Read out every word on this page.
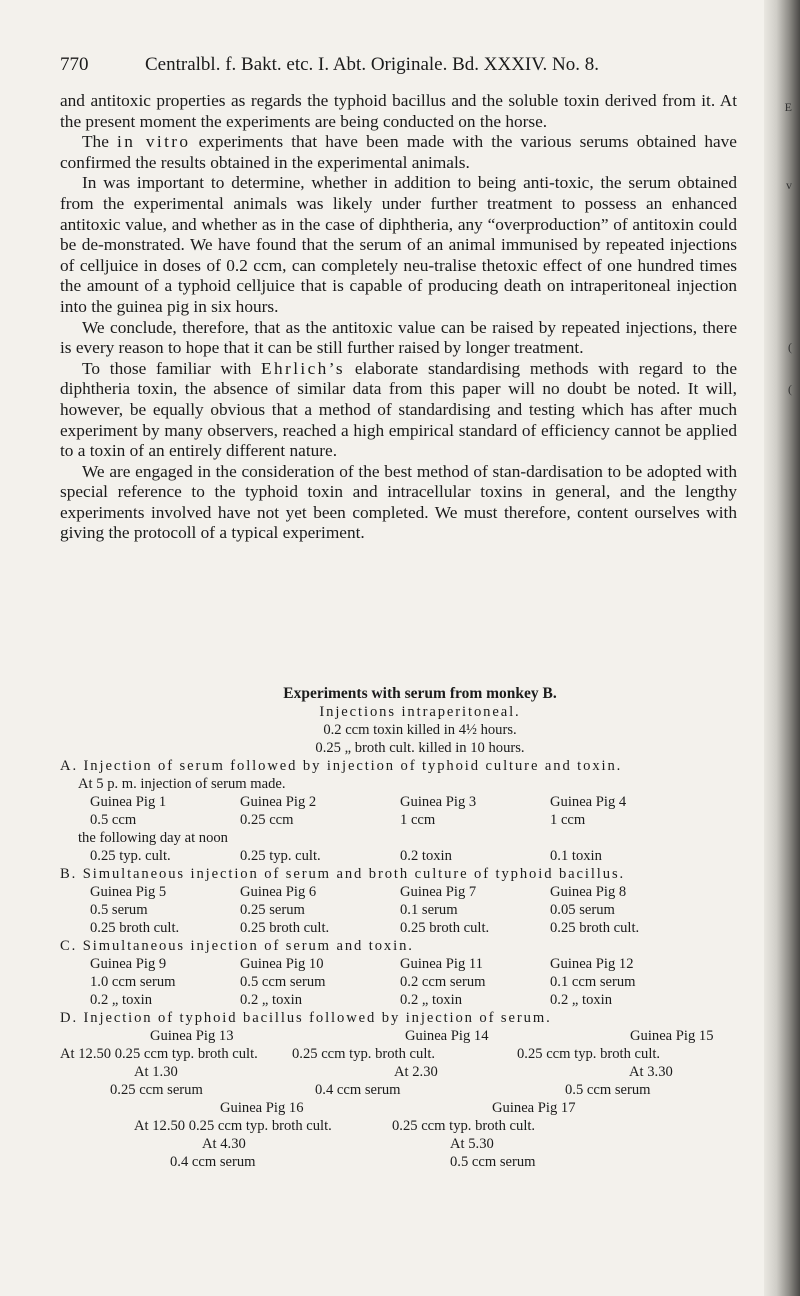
E
v
(
(
770	Centralbl. f. Bakt. etc. I. Abt. Originale. Bd. XXXIV. No. 8.

and antitoxic properties as regards the typhoid bacillus and the soluble toxin derived from it. At the present moment the experiments are being conducted on the horse.

The in vitro experiments that have been made with the various serums obtained have confirmed the results obtained in the experimental animals.

In was important to determine, whether in addition to being anti-toxic, the serum obtained from the experimental animals was likely under further treatment to possess an enhanced antitoxic value, and whether as in the case of diphtheria, any “overproduction” of antitoxin could be de-monstrated. We have found that the serum of an animal immunised by repeated injections of celljuice in doses of 0.2 ccm, can completely neu-tralise thetoxic effect of one hundred times the amount of a typhoid celljuice that is capable of producing death on intraperitoneal injection into the guinea pig in six hours.

We conclude, therefore, that as the antitoxic value can be raised by repeated injections, there is every reason to hope that it can be still further raised by longer treatment.

To those familiar with Ehrlich’s elaborate standardising methods with regard to the diphtheria toxin, the absence of similar data from this paper will no doubt be noted. It will, however, be equally obvious that a method of standardising and testing which has after much experiment by many observers, reached a high empirical standard of efficiency cannot be applied to a toxin of an entirely different nature.

We are engaged in the consideration of the best method of stan-dardisation to be adopted with special reference to the typhoid toxin and intracellular toxins in general, and the lengthy experiments involved have not yet been completed. We must therefore, content ourselves with giving the protocoll of a typical experiment.

Experiments with serum from monkey B.
Injections intraperitoneal.
0.2 ccm toxin killed in 4½ hours.
0.25 „ broth cult. killed in 10 hours.
A. Injection of serum followed by injection of typhoid culture and toxin.
At 5 p. m. injection of serum made.
Guinea Pig 1	Guinea Pig 2	Guinea Pig 3	Guinea Pig 4
0.5 ccm	0.25 ccm	1 ccm	1 ccm
the following day at noon
0.25 typ. cult.	0.25 typ. cult.	0.2 toxin	0.1 toxin
B. Simultaneous injection of serum and broth culture of typhoid bacillus.
Guinea Pig 5	Guinea Pig 6	Guinea Pig 7	Guinea Pig 8
0.5 serum	0.25 serum	0.1 serum	0.05 serum
0.25 broth cult.	0.25 broth cult.	0.25 broth cult.	0.25 broth cult.
C. Simultaneous injection of serum and toxin.
Guinea Pig 9	Guinea Pig 10	Guinea Pig 11	Guinea Pig 12
1.0 ccm serum	0.5 ccm serum	0.2 ccm serum	0.1 ccm serum
0.2 „ toxin	0.2 „ toxin	0.2 „ toxin	0.2 „ toxin
D. Injection of typhoid bacillus followed by injection of serum.
Guinea Pig 13	Guinea Pig 14	Guinea Pig 15
At 12.50 0.25 ccm typ. broth cult.	0.25 ccm typ. broth cult.	0.25 ccm typ. broth cult.
At 1.30	At 2.30	At 3.30
0.25 ccm serum	0.4 ccm serum	0.5 ccm serum
Guinea Pig 16	Guinea Pig 17
At 12.50 0.25 ccm typ. broth cult.	0.25 ccm typ. broth cult.
At 4.30	At 5.30
0.4 ccm serum	0.5 ccm serum
